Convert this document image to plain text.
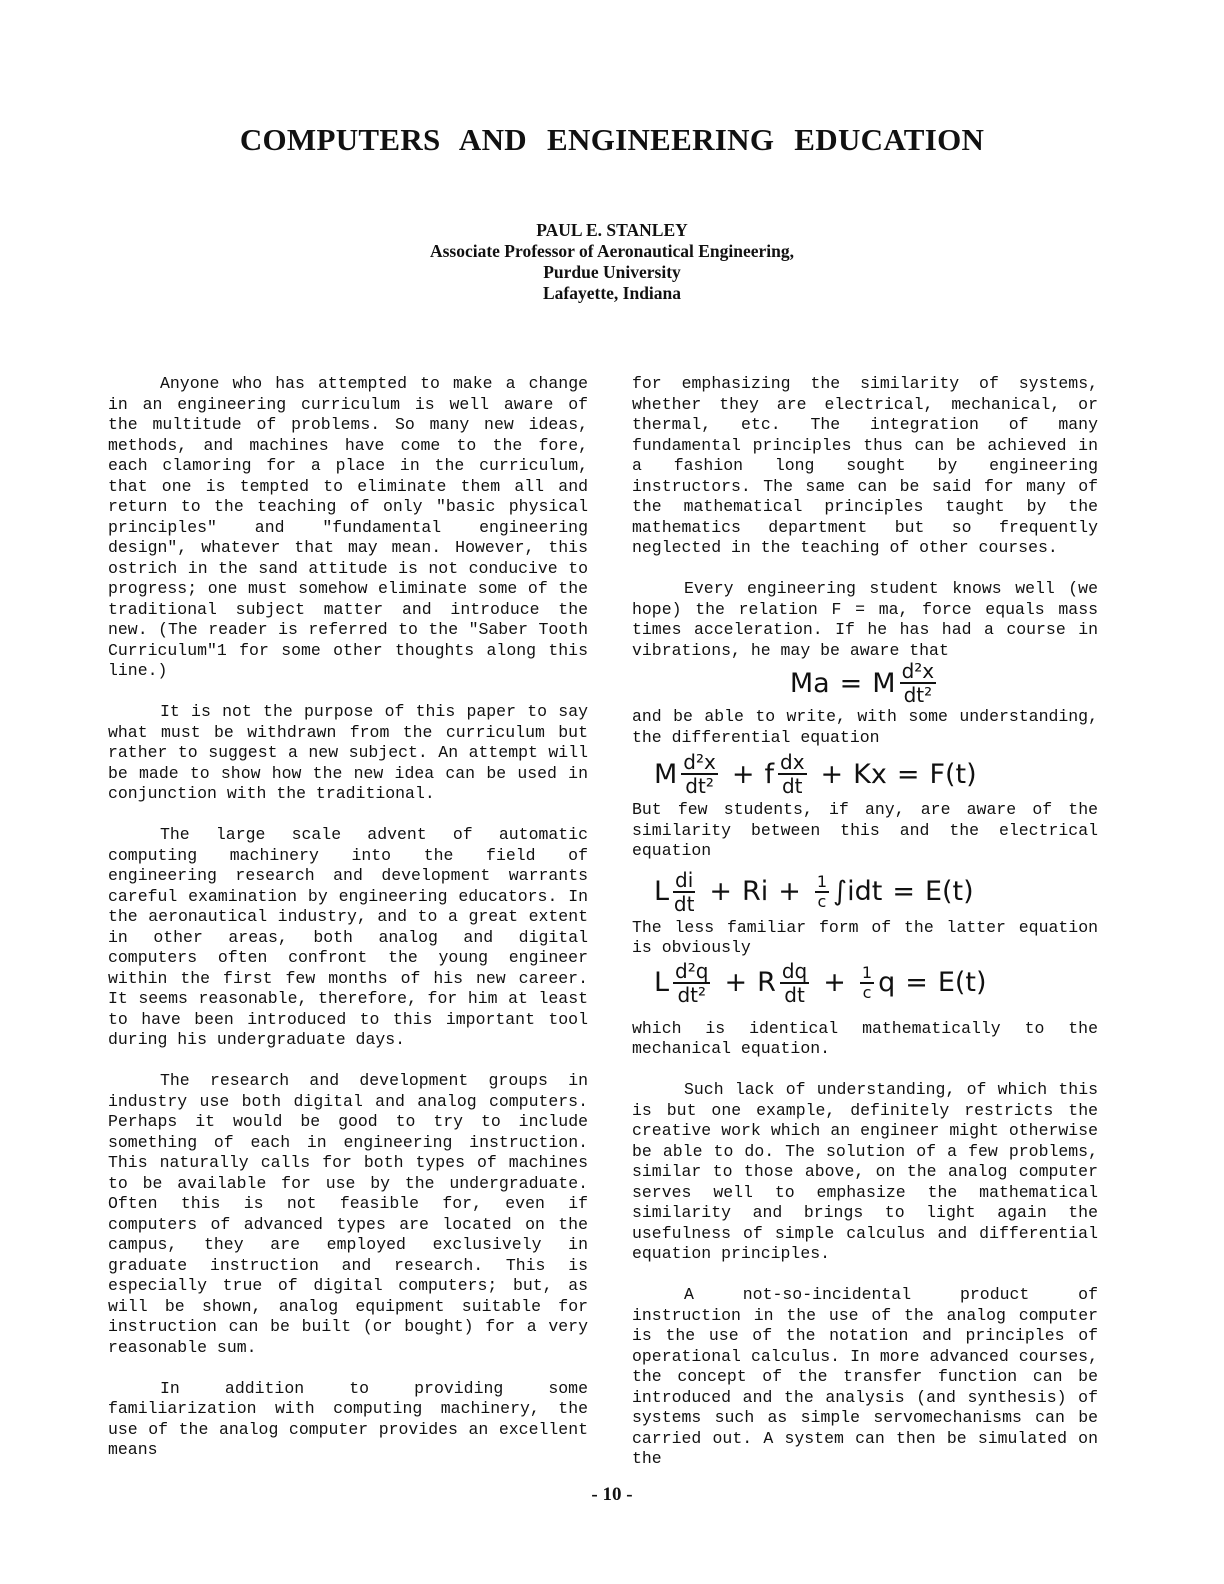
COMPUTERS AND ENGINEERING EDUCATION
PAUL E. STANLEY
Associate Professor of Aeronautical Engineering,
Purdue University
Lafayette, Indiana

Anyone who has attempted to make a change in an engineering curriculum is well aware of the multitude of problems. So many new ideas, methods, and machines have come to the fore, each clamoring for a place in the curriculum, that one is tempted to eliminate them all and return to the teaching of only "basic physical principles" and "fundamental engineering design", whatever that may mean. However, this ostrich in the sand attitude is not conducive to progress; one must somehow eliminate some of the traditional subject matter and introduce the new. (The reader is referred to the "Saber Tooth Curriculum"1 for some other thoughts along this line.)

It is not the purpose of this paper to say what must be withdrawn from the curriculum but rather to suggest a new subject. An attempt will be made to show how the new idea can be used in conjunction with the traditional.

The large scale advent of automatic computing machinery into the field of engineering research and development warrants careful examination by engineering educators. In the aeronautical industry, and to a great extent in other areas, both analog and digital computers often confront the young engineer within the first few months of his new career. It seems reasonable, therefore, for him at least to have been introduced to this important tool during his undergraduate days.

The research and development groups in industry use both digital and analog computers. Perhaps it would be good to try to include something of each in engineering instruction. This naturally calls for both types of machines to be available for use by the undergraduate. Often this is not feasible for, even if computers of advanced types are located on the campus, they are employed exclusively in graduate instruction and research. This is especially true of digital computers; but, as will be shown, analog equipment suitable for instruction can be built (or bought) for a very reasonable sum.

In addition to providing some familiarization with computing machinery, the use of the analog computer provides an excellent means

for emphasizing the similarity of systems, whether they are electrical, mechanical, or thermal, etc. The integration of many fundamental principles thus can be achieved in a fashion long sought by engineering instructors. The same can be said for many of the mathematical principles taught by the mathematics department but so frequently neglected in the teaching of other courses.

Every engineering student knows well (we hope) the relation F = ma, force equals mass times acceleration. If he has had a course in vibrations, he may be aware that

Ma = M $\frac{\text{d²x}}{\text{dt²}}$

and be able to write, with some understanding, the differential equation

M $\frac{\text{d²x}}{\text{dt²}} + f \frac{dx}{dt} + Kx = F(t)$

But few students, if any, are aware of the similarity between this and the electrical equation

L $\frac{di}{dt} + Ri + \frac{1}{c} \int idt = E(t)$

The less familiar form of the latter equation is obviously

L $\frac{\text{d²q}}{\text{dt²}} + R \frac{dq}{dt} + \frac{1}{c}$ q = E(t)

which is identical mathematically to the mechanical equation.

Such lack of understanding, of which this is but one example, definitely restricts the creative work which an engineer might otherwise be able to do. The solution of a few problems, similar to those above, on the analog computer serves well to emphasize the mathematical similarity and brings to light again the usefulness of simple calculus and differential equation principles.

A not-so-incidental product of instruction in the use of the analog computer is the use of the notation and principles of operational calculus. In more advanced courses, the concept of the transfer function can be introduced and the analysis (and synthesis) of systems such as simple servomechanisms can be carried out. A system can then be simulated on the

- 10 -
